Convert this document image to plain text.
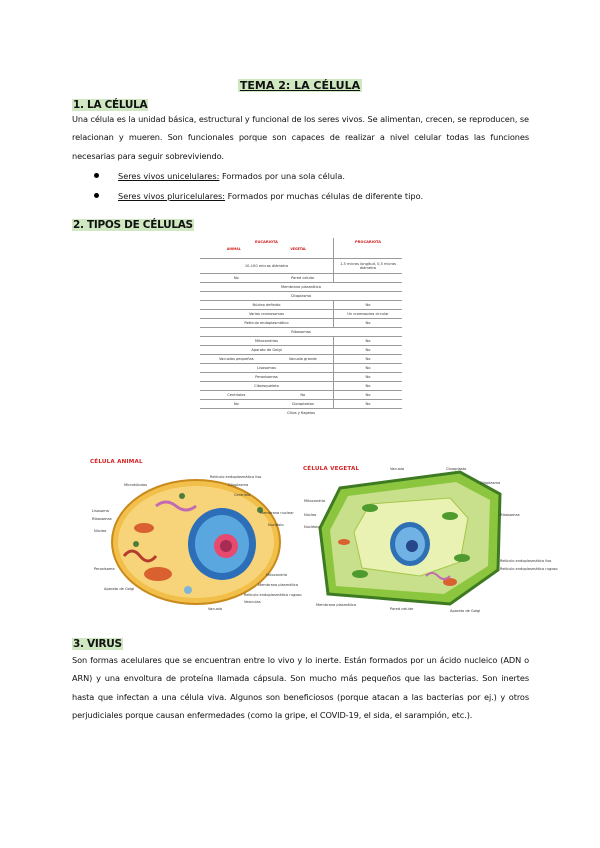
TEMA 2: LA CÉLULA
1. LA CÉLULA
Una célula es la unidad básica, estructural y funcional de los seres vivos. Se alimentan, crecen, se reproducen, se relacionan y mueren. Son funcionales porque son capaces de realizar a nivel celular todas las funciones necesarias para seguir sobreviviendo.
Seres vivos unicelulares: Formados por una sola célula.
Seres vivos pluricelulares: Formados por muchas células de diferente tipo.
2. TIPOS DE CÉLULAS
EUCARIOTA
ANIMAL VEGETAL		PROCARIOTA
10-100 micras diámetro		1-5 micras longitud, 0,5 micras diámetro
No	Pared celular	
Membrana plasmática		
Citoplasma		
Núcleo definido		No
Varios cromosomas		Un cromosoma circular
Retículo endoplasmático		No
Ribosomas		
Mitocondrias		No
Aparato de Golgi		No
Vacuolas pequeñas	Vacuola grande	No
Lisosomas		No
Peroxisomas		No
Citoesqueleto		No
Centriolos	No	No
No	Cloroplastos	No
Cilios y flagelos		
CÉLULA ANIMAL
Microtúbulos
Retículo endoplasmático liso
Citoplasma
Centríolo
Lisosoma
Ribosomas
Membrana nuclear
Nucléolo
Núcleo
Peroxisoma
Mitocondria
Aparato de Golgi
Vacuola
Membrana plasmática
Retículo endoplasmático rugoso
Vesículas
CÉLULA VEGETAL	Vacuola	Cloroplasto
Citoplasma
Mitocondria
Núcleo
Nucléolo
Ribosomas
Retículo endoplasmático liso
Retículo endoplasmático rugoso
Membrana plasmática
Pared celular	Aparato de Golgi
3. VIRUS
Son formas acelulares que se encuentran entre lo vivo y lo inerte. Están formados por un ácido nucleico (ADN o ARN) y una envoltura de proteína llamada cápsula. Son mucho más pequeños que las bacterias. Son inertes hasta que infectan a una célula viva. Algunos son beneficiosos (porque atacan a las bacterias por ej.) y otros perjudiciales porque causan enfermedades (como la gripe, el COVID-19, el sida, el sarampión, etc.).
